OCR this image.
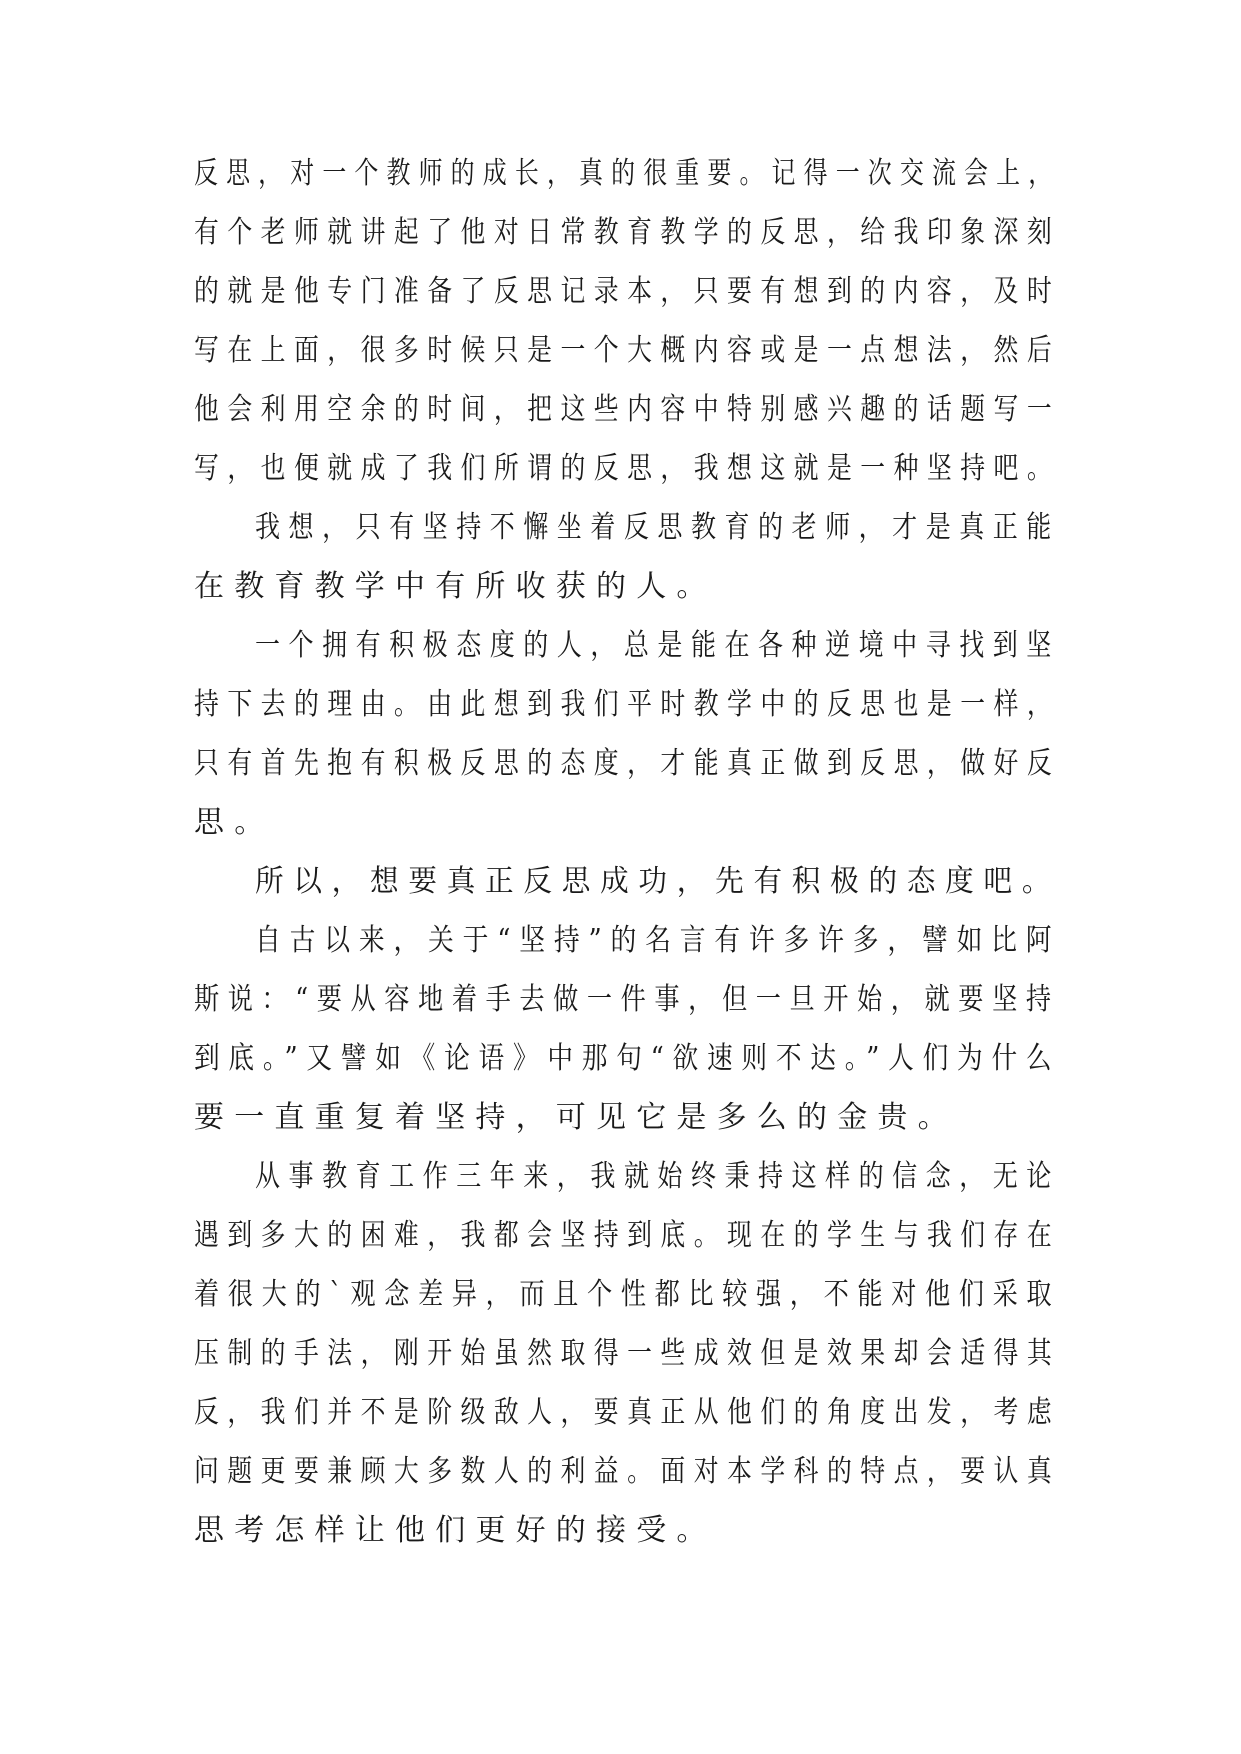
反思，对一个教师的成长，真的很重要。记得一次交流会上，
有个老师就讲起了他对日常教育教学的反思，给我印象深刻
的就是他专门准备了反思记录本，只要有想到的内容，及时
写在上面，很多时候只是一个大概内容或是一点想法，然后
他会利用空余的时间，把这些内容中特别感兴趣的话题写一
写，也便就成了我们所谓的反思，我想这就是一种坚持吧。
我想，只有坚持不懈坐着反思教育的老师，才是真正能
在教育教学中有所收获的人。
一个拥有积极态度的人，总是能在各种逆境中寻找到坚
持下去的理由。由此想到我们平时教学中的反思也是一样，
只有首先抱有积极反思的态度，才能真正做到反思，做好反
思。
所以，想要真正反思成功，先有积极的态度吧。
自古以来，关于“坚持”的名言有许多许多，譬如比阿
斯说：“要从容地着手去做一件事，但一旦开始，就要坚持
到底。”又譬如《论语》中那句“欲速则不达。”人们为什么
要一直重复着坚持，可见它是多么的金贵。
从事教育工作三年来，我就始终秉持这样的信念，无论
遇到多大的困难，我都会坚持到底。现在的学生与我们存在
着很大的`观念差异，而且个性都比较强，不能对他们采取
压制的手法，刚开始虽然取得一些成效但是效果却会适得其
反，我们并不是阶级敌人，要真正从他们的角度出发，考虑
问题更要兼顾大多数人的利益。面对本学科的特点，要认真
思考怎样让他们更好的接受。
